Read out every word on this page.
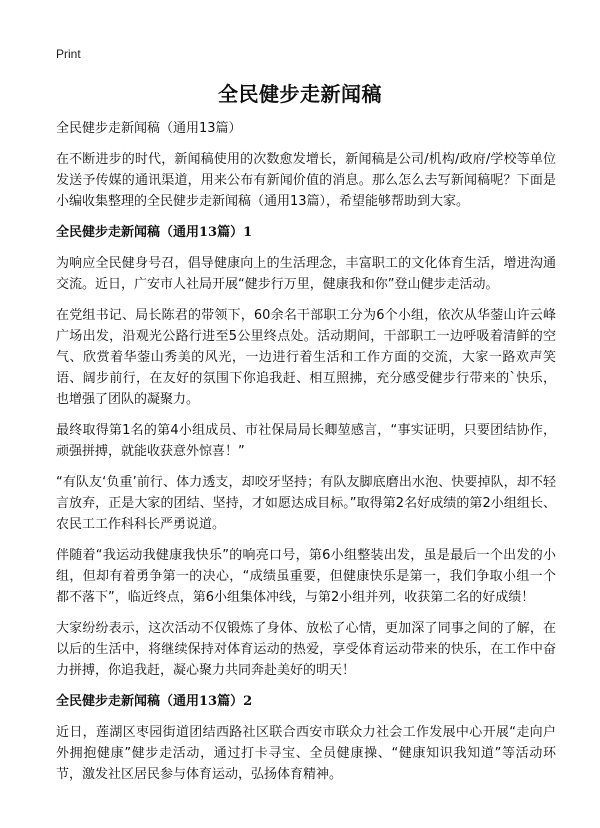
Print
全民健步走新闻稿

全民健步走新闻稿（通用13篇）

在不断进步的时代，新闻稿使用的次数愈发增长，新闻稿是公司/机构/政府/学校等单位发送予传媒的通讯渠道，用来公布有新闻价值的消息。那么怎么去写新闻稿呢？下面是小编收集整理的全民健步走新闻稿（通用13篇），希望能够帮助到大家。

全民健步走新闻稿（通用13篇）1

为响应全民健身号召，倡导健康向上的生活理念，丰富职工的文化体育生活，增进沟通交流。近日，广安市人社局开展“健步行万里，健康我和你”登山健步走活动。

在党组书记、局长陈君的带领下，60余名干部职工分为6个小组，依次从华蓥山许云峰广场出发，沿观光公路行进至5公里终点处。活动期间，干部职工一边呼吸着清鲜的空气、欣赏着华蓥山秀美的风光，一边进行着生活和工作方面的交流，大家一路欢声笑语、阔步前行，在友好的氛围下你追我赶、相互照拂，充分感受健步行带来的`快乐，也增强了团队的凝聚力。

最终取得第1名的第4小组成员、市社保局局长卿堃感言，“事实证明，只要团结协作，顽强拼搏，就能收获意外惊喜！”

“有队友‘负重’前行、体力透支，却咬牙坚持；有队友脚底磨出水泡、快要掉队，却不轻言放弃，正是大家的团结、坚持，才如愿达成目标。”取得第2名好成绩的第2小组组长、农民工工作科科长严勇说道。

伴随着“我运动我健康我快乐”的响亮口号，第6小组整装出发，虽是最后一个出发的小组，但却有着勇争第一的决心，“成绩虽重要，但健康快乐是第一，我们争取小组一个都不落下”，临近终点，第6小组集体冲线，与第2小组并列，收获第二名的好成绩！

大家纷纷表示，这次活动不仅锻炼了身体、放松了心情，更加深了同事之间的了解，在以后的生活中，将继续保持对体育运动的热爱，享受体育运动带来的快乐，在工作中奋力拼搏，你追我赶，凝心聚力共同奔赴美好的明天！

全民健步走新闻稿（通用13篇）2

近日，莲湖区枣园街道团结西路社区联合西安市联众力社会工作发展中心开展“走向户外拥抱健康”健步走活动，通过打卡寻宝、全员健康操、“健康知识我知道”等活动环节，激发社区居民参与体育运动，弘扬体育精神。
